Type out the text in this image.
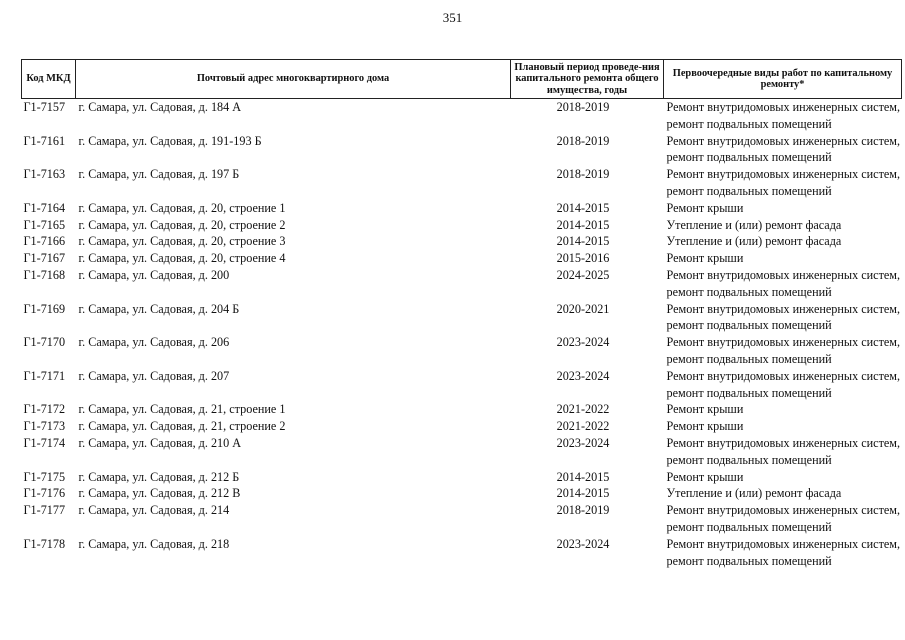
351
Код МКД	Почтовый адрес многоквартирного дома	Плановый период проведе-ния капитального ремонта общего имущества, годы	Первоочередные виды работ по капитальному ремонту*
Г1-7157	г. Самара, ул. Садовая, д. 184 А	2018-2019	Ремонт внутридомовых инженерных систем,
ремонт подвальных помещений

Г1-7161	г. Самара, ул. Садовая, д. 191-193 Б	2018-2019	Ремонт внутридомовых инженерных систем,
ремонт подвальных помещений

Г1-7163	г. Самара, ул. Садовая, д. 197 Б	2018-2019	Ремонт внутридомовых инженерных систем,
ремонт подвальных помещений

Г1-7164	г. Самара, ул. Садовая, д. 20, строение 1	2014-2015	Ремонт крыши

Г1-7165	г. Самара, ул. Садовая, д. 20, строение 2	2014-2015	Утепление и (или) ремонт фасада

Г1-7166	г. Самара, ул. Садовая, д. 20, строение 3	2014-2015	Утепление и (или) ремонт фасада

Г1-7167	г. Самара, ул. Садовая, д. 20, строение 4	2015-2016	Ремонт крыши

Г1-7168	г. Самара, ул. Садовая, д. 200	2024-2025	Ремонт внутридомовых инженерных систем,
ремонт подвальных помещений

Г1-7169	г. Самара, ул. Садовая, д. 204 Б	2020-2021	Ремонт внутридомовых инженерных систем,
ремонт подвальных помещений

Г1-7170	г. Самара, ул. Садовая, д. 206	2023-2024	Ремонт внутридомовых инженерных систем,
ремонт подвальных помещений

Г1-7171	г. Самара, ул. Садовая, д. 207	2023-2024	Ремонт внутридомовых инженерных систем,
ремонт подвальных помещений

Г1-7172	г. Самара, ул. Садовая, д. 21, строение 1	2021-2022	Ремонт крыши

Г1-7173	г. Самара, ул. Садовая, д. 21, строение 2	2021-2022	Ремонт крыши

Г1-7174	г. Самара, ул. Садовая, д. 210 А	2023-2024	Ремонт внутридомовых инженерных систем,
ремонт подвальных помещений

Г1-7175	г. Самара, ул. Садовая, д. 212 Б	2014-2015	Ремонт крыши

Г1-7176	г. Самара, ул. Садовая, д. 212 В	2014-2015	Утепление и (или) ремонт фасада

Г1-7177	г. Самара, ул. Садовая, д. 214	2018-2019	Ремонт внутридомовых инженерных систем,
ремонт подвальных помещений

Г1-7178	г. Самара, ул. Садовая, д. 218	2023-2024	Ремонт внутридомовых инженерных систем,
ремонт подвальных помещений
